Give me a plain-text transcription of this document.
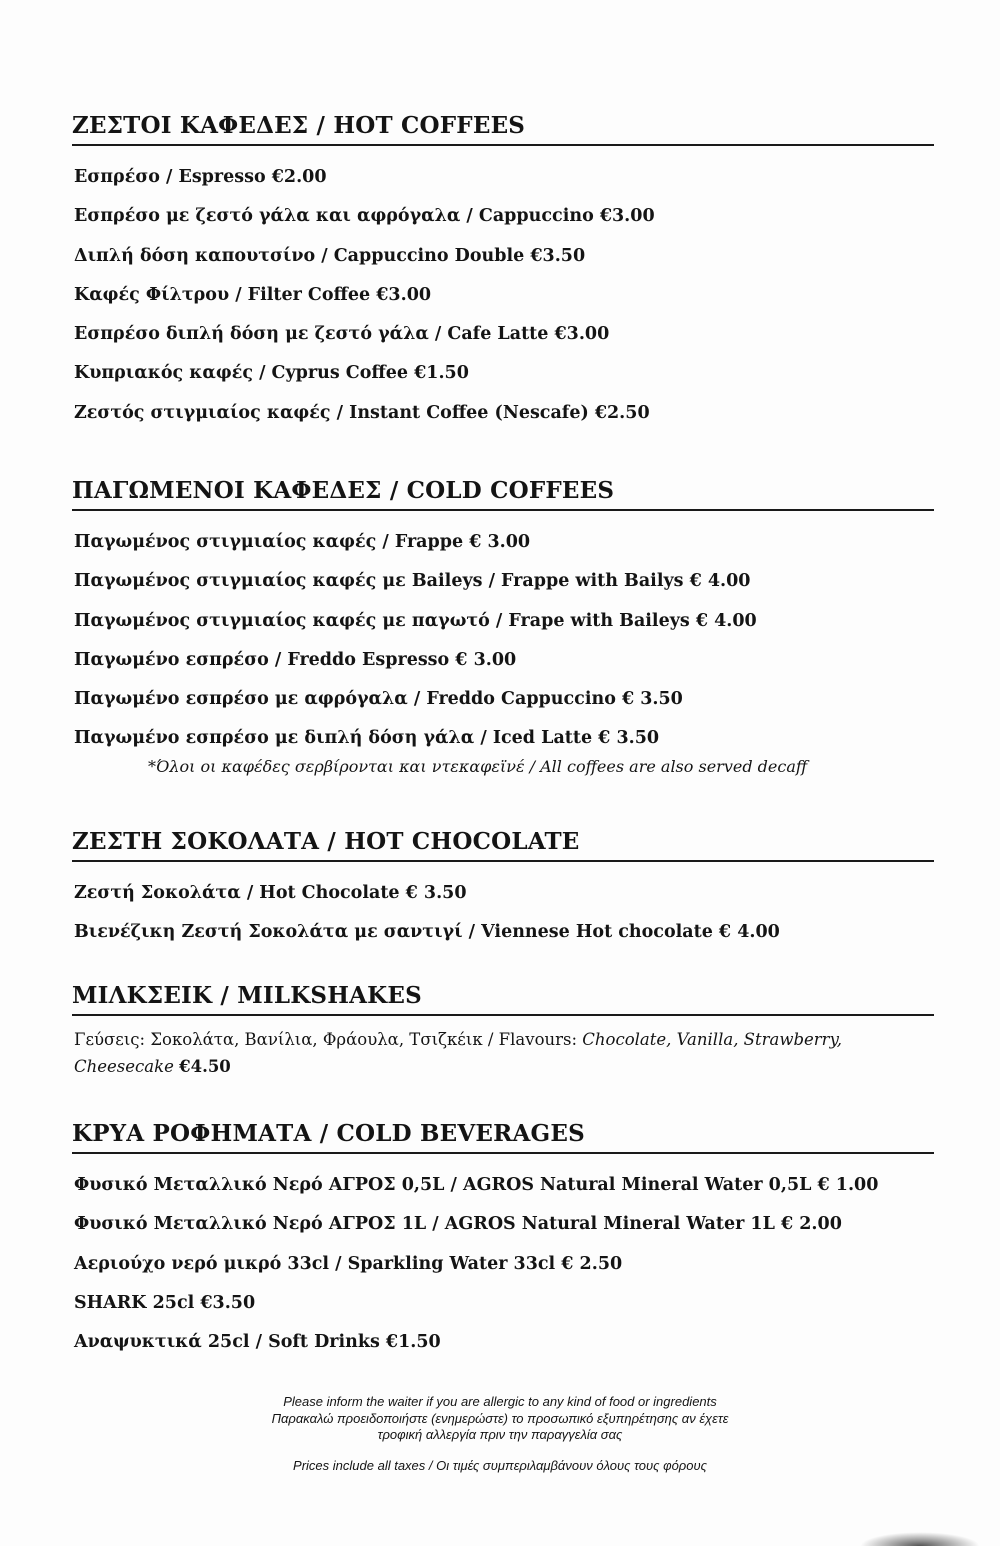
ΖΕΣΤΟΙ ΚΑΦΕΔΕΣ / HOT COFFEES
Εσπρέσο / Espresso €2.00
Εσπρέσο με ζεστό γάλα και αφρόγαλα / Cappuccino €3.00
Διπλή δόση καπουτσίνο / Cappuccino Double €3.50
Καφές Φίλτρου / Filter Coffee €3.00
Εσπρέσο διπλή δόση με ζεστό γάλα / Cafe Latte €3.00
Κυπριακός καφές / Cyprus Coffee €1.50
Ζεστός στιγμιαίος καφές / Instant Coffee (Nescafe) €2.50
ΠΑΓΩΜΕΝΟΙ ΚΑΦΕΔΕΣ / COLD COFFEES
Παγωμένος στιγμιαίος καφές / Frappe € 3.00
Παγωμένος στιγμιαίος καφές με Baileys / Frappe with Bailys € 4.00
Παγωμένος στιγμιαίος καφές με παγωτό / Frape with Baileys € 4.00
Παγωμένο εσπρέσο / Freddo Espresso € 3.00
Παγωμένο εσπρέσο με αφρόγαλα / Freddo Cappuccino € 3.50
Παγωμένο εσπρέσο με διπλή δόση γάλα / Iced Latte € 3.50
*Όλοι οι καφέδες σερβίρονται και ντεκαφεϊνέ / All coffees are also served decaff
ΖΕΣΤΗ ΣΟΚΟΛΑΤΑ / HOT CHOCOLATE
Ζεστή Σοκολάτα / Hot Chocolate € 3.50
Βιενέζικη Ζεστή Σοκολάτα με σαντιγί / Viennese Hot chocolate € 4.00
ΜΙΛΚΣΕΙΚ / MILKSHAKES
Γεύσεις: Σοκολάτα, Βανίλια, Φράουλα, Τσιζκέικ / Flavours: Chocolate, Vanilla, Strawberry, Cheesecake €4.50
ΚΡΥΑ ΡΟΦΗΜΑΤΑ / COLD BEVERAGES
Φυσικό Μεταλλικό Νερό ΑΓΡΟΣ 0,5L / AGROS Natural Mineral Water 0,5L € 1.00
Φυσικό Μεταλλικό Νερό ΑΓΡΟΣ 1L / AGROS Natural Mineral Water 1L € 2.00
Αεριούχο νερό μικρό 33cl / Sparkling Water 33cl € 2.50
SHARK 25cl €3.50
Αναψυκτικά 25cl / Soft Drinks €1.50
Please inform the waiter if you are allergic to any kind of food or ingredients
Παρακαλώ προειδοποιήστε (ενημερώστε) το προσωπικό εξυπηρέτησης αν έχετε
τροφική αλλεργία πριν την παραγγελία σας
Prices include all taxes / Οι τιμές συμπεριλαμβάνουν όλους τους φόρους
